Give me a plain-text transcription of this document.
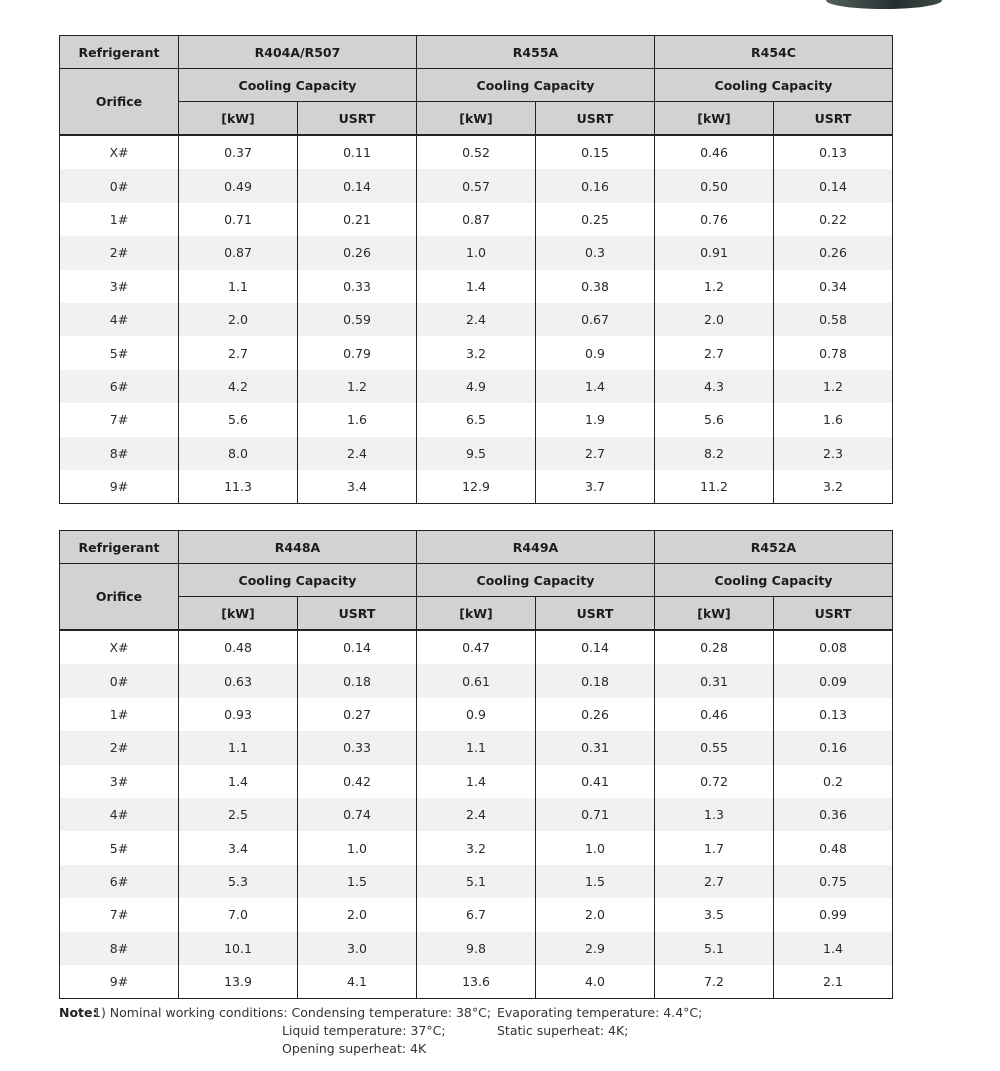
Refrigerant	R404A/R507		R455A		R454C	
Orifice	Cooling Capacity		Cooling Capacity		Cooling Capacity	
	[kW]	USRT	[kW]	USRT	[kW]	USRT
X#	0.37	0.11	0.52	0.15	0.46	0.13
0#	0.49	0.14	0.57	0.16	0.50	0.14
1#	0.71	0.21	0.87	0.25	0.76	0.22
2#	0.87	0.26	1.0	0.3	0.91	0.26
3#	1.1	0.33	1.4	0.38	1.2	0.34
4#	2.0	0.59	2.4	0.67	2.0	0.58
5#	2.7	0.79	3.2	0.9	2.7	0.78
6#	4.2	1.2	4.9	1.4	4.3	1.2
7#	5.6	1.6	6.5	1.9	5.6	1.6
8#	8.0	2.4	9.5	2.7	8.2	2.3
9#	11.3	3.4	12.9	3.7	11.2	3.2
Refrigerant	R448A		R449A		R452A	
Orifice	Cooling Capacity		Cooling Capacity		Cooling Capacity	
	[kW]	USRT	[kW]	USRT	[kW]	USRT
X#	0.48	0.14	0.47	0.14	0.28	0.08
0#	0.63	0.18	0.61	0.18	0.31	0.09
1#	0.93	0.27	0.9	0.26	0.46	0.13
2#	1.1	0.33	1.1	0.31	0.55	0.16
3#	1.4	0.42	1.4	0.41	0.72	0.2
4#	2.5	0.74	2.4	0.71	1.3	0.36
5#	3.4	1.0	3.2	1.0	1.7	0.48
6#	5.3	1.5	5.1	1.5	2.7	0.75
7#	7.0	2.0	6.7	2.0	3.5	0.99
8#	10.1	3.0	9.8	2.9	5.1	1.4
9#	13.9	4.1	13.6	4.0	7.2	2.1
Note:
1) Nominal working conditions: Condensing temperature: 38°C; Evaporating temperature: 4.4°C;
Liquid temperature: 37°C;	Static superheat: 4K;
Opening superheat: 4K
